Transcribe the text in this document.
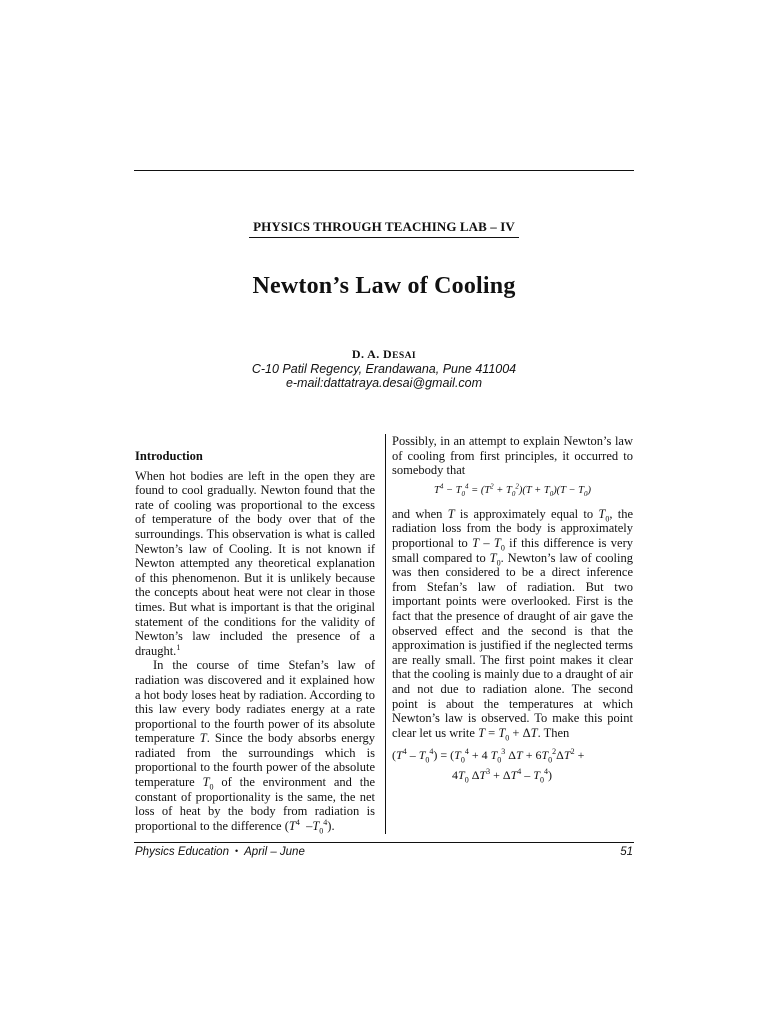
PHYSICS THROUGH TEACHING LAB – IV
Newton’s Law of Cooling
D. A. DESAI
C-10 Patil Regency, Erandawana, Pune 411004
e-mail:dattatraya.desai@gmail.com
Introduction

When hot bodies are left in the open they are found to cool gradually. Newton found that the rate of cooling was proportional to the excess of temperature of the body over that of the surroundings. This observation is what is called Newton’s law of Cooling. It is not known if Newton attempted any theoretical explanation of this phenomenon. But it is unlikely because the concepts about heat were not clear in those times. But what is important is that the original statement of the conditions for the validity of Newton’s law included the presence of a draught.$^1$

In the course of time Stefan’s law of radiation was discovered and it explained how a hot body loses heat by radiation. According to this law every body radiates energy at a rate proportional to the fourth power of its absolute temperature T. Since the body absorbs energy radiated from the surroundings which is proportional to the fourth power of the absolute temperature $T_0$ of the environment and the constant of proportionality is the same, the net loss of heat by the body from radiation is proportional to the difference ($T^4$  $-T_0^4$).

Possibly, in an attempt to explain Newton’s law of cooling from first principles, it occurred to somebody that

$T^4 - T_0^4 = (T^2 + T_0^2)(T + T_0)(T - T_0)$

and when T is approximately equal to $T_0$, the radiation loss from the body is approximately proportional to T – $T_0$ if this difference is very small compared to $T_0$. Newton’s law of cooling was then considered to be a direct inference from Stefan’s law of radiation. But two important points were overlooked. First is the fact that the presence of draught of air gave the observed effect and the second is that the approximation is justified if the neglected terms are really small. The first point makes it clear that the cooling is mainly due to a draught of air and not due to radiation alone. The second point is about the temperatures at which Newton’s law is observed. To make this point clear let us write $T = T_0 + \Delta T$. Then

$(T^4 - T_0^4) = (T_0^4 + 4$ $T_0^3$ $\Delta T + 6T_0^2\Delta T^2$ +
$4T_0$ $\Delta T^3 + \Delta T^4 - T_0^4$)
Physics Education • April – June	51
